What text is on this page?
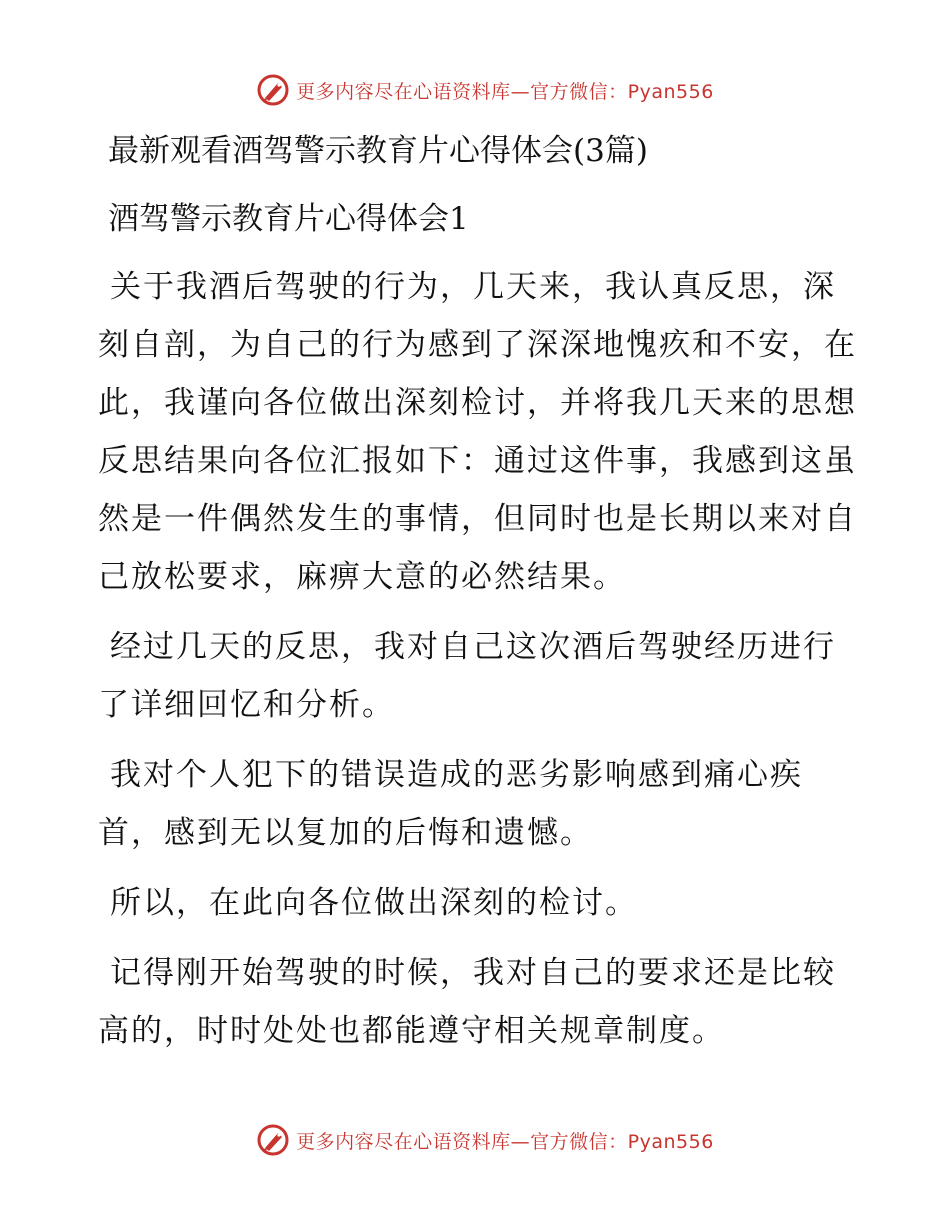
更多内容尽在心语资料库—官方微信：Pyan556
最新观看酒驾警示教育片心得体会(3篇)
酒驾警示教育片心得体会1

关于我酒后驾驶的行为，几天来，我认真反思，深刻自剖，为自己的行为感到了深深地愧疚和不安，在此，我谨向各位做出深刻检讨，并将我几天来的思想反思结果向各位汇报如下：通过这件事，我感到这虽然是一件偶然发生的事情，但同时也是长期以来对自己放松要求，麻痹大意的必然结果。

经过几天的反思，我对自己这次酒后驾驶经历进行了详细回忆和分析。

我对个人犯下的错误造成的恶劣影响感到痛心疾首，感到无以复加的后悔和遗憾。

所以，在此向各位做出深刻的检讨。

记得刚开始驾驶的时候，我对自己的要求还是比较高的，时时处处也都能遵守相关规章制度。

更多内容尽在心语资料库—官方微信：Pyan556
